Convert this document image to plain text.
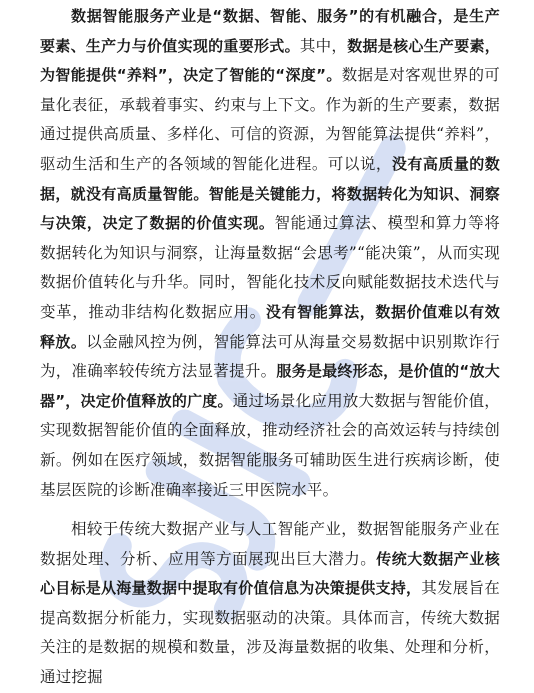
数据智能服务产业是“数据、智能、服务”的有机融合，是生产要素、生产力与价值实现的重要形式。其中，数据是核心生产要素，为智能提供“养料”，决定了智能的“深度”。数据是对客观世界的可量化表征，承载着事实、约束与上下文。作为新的生产要素，数据通过提供高质量、多样化、可信的资源，为智能算法提供“养料”，驱动生活和生产的各领域的智能化进程。可以说，没有高质量的数据，就没有高质量智能。智能是关键能力，将数据转化为知识、洞察与决策，决定了数据的价值实现。智能通过算法、模型和算力等将数据转化为知识与洞察，让海量数据“会思考”“能决策”，从而实现数据价值转化与升华。同时，智能化技术反向赋能数据技术迭代与变革，推动非结构化数据应用。没有智能算法，数据价值难以有效释放。以金融风控为例，智能算法可从海量交易数据中识别欺诈行为，准确率较传统方法显著提升。服务是最终形态，是价值的“放大器”，决定价值释放的广度。通过场景化应用放大数据与智能价值，实现数据智能价值的全面释放，推动经济社会的高效运转与持续创新。例如在医疗领域，数据智能服务可辅助医生进行疾病诊断，使基层医院的诊断准确率接近三甲医院水平。

相较于传统大数据产业与人工智能产业，数据智能服务产业在数据处理、分析、应用等方面展现出巨大潜力。传统大数据产业核心目标是从海量数据中提取有价值信息为决策提供支持，其发展旨在提高数据分析能力，实现数据驱动的决策。具体而言，传统大数据关注的是数据的规模和数量，涉及海量数据的收集、处理和分析，通过挖掘
